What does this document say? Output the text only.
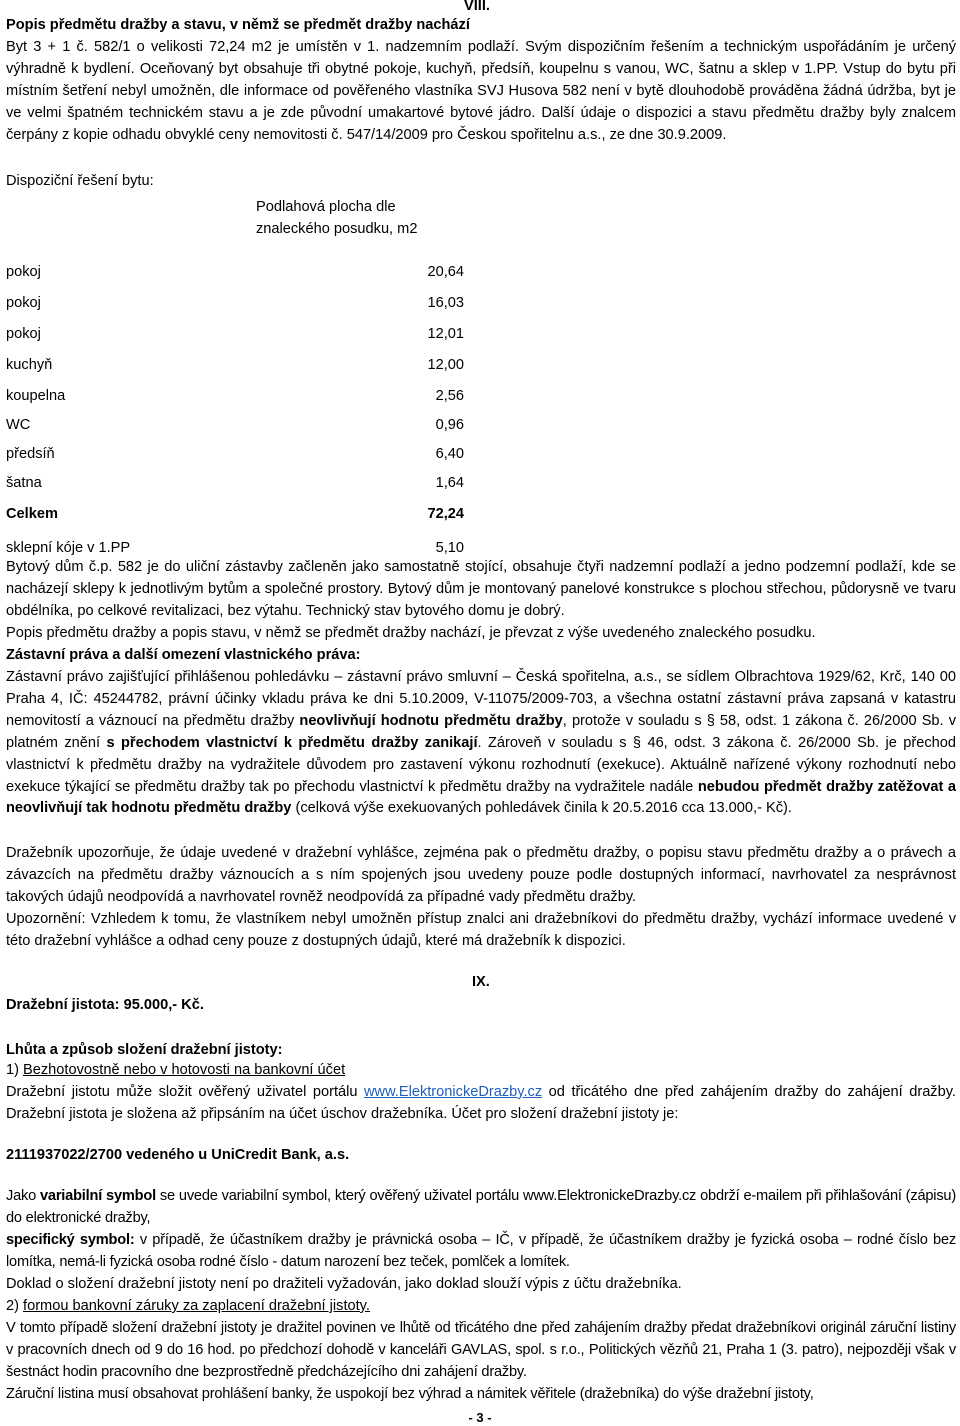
VIII.

Popis předmětu dražby a stavu, v němž se předmět dražby nachází

Byt 3 + 1 č. 582/1 o velikosti 72,24 m2 je umístěn v 1. nadzemním podlaží. Svým dispozičním řešením a technickým uspořádáním je určený výhradně k bydlení. Oceňovaný byt obsahuje tři obytné pokoje, kuchyň, předsíň, koupelnu s vanou, WC, šatnu a sklep v 1.PP. Vstup do bytu při místním šetření nebyl umožněn, dle informace od pověřeného vlastníka SVJ Husova 582 není v bytě dlouhodobě prováděna žádná údržba, byt je ve velmi špatném technickém stavu a je zde původní umakartové bytové jádro. Další údaje o dispozici a stavu předmětu dražby byly znalcem čerpány z kopie odhadu obvyklé ceny nemovitosti č. 547/14/2009 pro Českou spořitelnu a.s., ze dne 30.9.2009.

Dispoziční řešení bytu:

	Podlahová plocha dle znaleckého posudku, m2
pokoj	20,64
pokoj	16,03
pokoj	12,01
kuchyň	12,00
koupelna	2,56
WC	0,96
předsíň	6,40
šatna	1,64
Celkem	72,24
sklepní kóje v 1.PP	5,10

Bytový dům č.p. 582 je do uliční zástavby začleněn jako samostatně stojící, obsahuje čtyři nadzemní podlaží a jedno podzemní podlaží, kde se nacházejí sklepy k jednotlivým bytům a společné prostory. Bytový dům je montovaný panelové konstrukce s plochou střechou, půdorysně ve tvaru obdélníka, po celkové revitalizaci, bez výtahu. Technický stav bytového domu je dobrý.

Popis předmětu dražby a popis stavu, v němž se předmět dražby nachází, je převzat z výše uvedeného znaleckého posudku.

Zástavní práva a další omezení vlastnického práva:

Zástavní právo zajišťující přihlášenou pohledávku – zástavní právo smluvní – Česká spořitelna, a.s., se sídlem Olbrachtova 1929/62, Krč, 140 00 Praha 4, IČ: 45244782, právní účinky vkladu práva ke dni 5.10.2009, V-11075/2009-703, a všechna ostatní zástavní práva zapsaná v katastru nemovitostí a váznoucí na předmětu dražby neovlivňují hodnotu předmětu dražby, protože v souladu s § 58, odst. 1 zákona č. 26/2000 Sb. v platném znění s přechodem vlastnictví k předmětu dražby zanikají. Zároveň v souladu s § 46, odst. 3 zákona č. 26/2000 Sb. je přechod vlastnictví k předmětu dražby na vydražitele důvodem pro zastavení výkonu rozhodnutí (exekuce). Aktuálně nařízené výkony rozhodnutí nebo exekuce týkající se předmětu dražby tak po přechodu vlastnictví k předmětu dražby na vydražitele nadále nebudou předmět dražby zatěžovat a neovlivňují tak hodnotu předmětu dražby (celková výše exekuovaných pohledávek činila k 20.5.2016 cca 13.000,- Kč).

Dražebník upozorňuje, že údaje uvedené v dražební vyhlášce, zejména pak o předmětu dražby, o popisu stavu předmětu dražby a o právech a závazcích na předmětu dražby váznoucích a s ním spojených jsou uvedeny pouze podle dostupných informací, navrhovatel za nesprávnost takových údajů neodpovídá a navrhovatel rovněž neodpovídá za případné vady předmětu dražby.

Upozornění: Vzhledem k tomu, že vlastníkem nebyl umožněn přístup znalci ani dražebníkovi do předmětu dražby, vychází informace uvedené v této dražební vyhlášce a odhad ceny pouze z dostupných údajů, které má dražebník k dispozici.

IX.

Dražební jistota: 95.000,- Kč.

Lhůta a způsob složení dražební jistoty:

1) Bezhotovostně nebo v hotovosti na bankovní účet

Dražební jistotu může složit ověřený uživatel portálu www.ElektronickeDrazby.cz od třicátého dne před zahájením dražby do zahájení dražby. Dražební jistota je složena až připsáním na účet úschov dražebníka. Účet pro složení dražební jistoty je:

2111937022/2700 vedeného u UniCredit Bank, a.s.

Jako variabilní symbol se uvede variabilní symbol, který ověřený uživatel portálu www.ElektronickeDrazby.cz obdrží e-mailem při přihlašování (zápisu) do elektronické dražby,

specifický symbol: v případě, že účastníkem dražby je právnická osoba – IČ, v případě, že účastníkem dražby je fyzická osoba – rodné číslo bez lomítka, nemá-li fyzická osoba rodné číslo - datum narození bez teček, pomlček a lomítek.

Doklad o složení dražební jistoty není po dražiteli vyžadován, jako doklad slouží výpis z účtu dražebníka.

2) formou bankovní záruky za zaplacení dražební jistoty.

V tomto případě složení dražební jistoty je dražitel povinen ve lhůtě od třicátého dne před zahájením dražby předat dražebníkovi originál záruční listiny v pracovních dnech od 9 do 16 hod. po předchozí dohodě v kanceláři GAVLAS, spol. s r.o., Politických vězňů 21, Praha 1 (3. patro), nejpozději však v šestnáct hodin pracovního dne bezprostředně předcházejícího dni zahájení dražby.

Záruční listina musí obsahovat prohlášení banky, že uspokojí bez výhrad a námitek věřitele (dražebníka) do výše dražební jistoty,

- 3 -
